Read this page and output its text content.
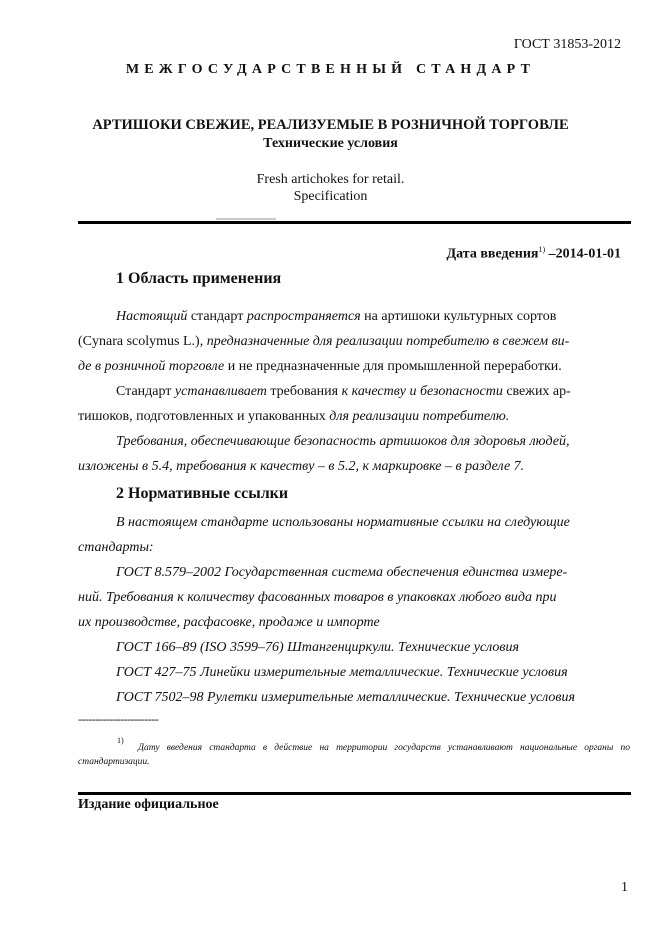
ГОСТ 31853-2012
МЕЖГОСУДАРСТВЕННЫЙ СТАНДАРТ
АРТИШОКИ СВЕЖИЕ, РЕАЛИЗУЕМЫЕ В РОЗНИЧНОЙ ТОРГОВЛЕ
Технические условия
Fresh artichokes for retail.
Specification
Дата введения$^{1)}$ –2014-01-01
1 Область применения

Настоящий стандарт распространяется на артишоки культурных сортов
(Cynara scolymus L.), предназначенные для реализации потребителю в свежем ви-
де в розничной торговле и не предназначенные для промышленной переработки.

Стандарт устанавливает требования к качеству и безопасности свежих ар-
тишоков, подготовленных и упакованных для реализации потребителю.

Требования, обеспечивающие безопасность артишоков для здоровья людей,
изложены в 5.4, требования к качеству – в 5.2, к маркировке – в разделе 7.

2 Нормативные ссылки

В настоящем стандарте использованы нормативные ссылки на следующие
стандарты:

ГОСТ 8.579–2002 Государственная система обеспечения единства измере-
ний. Требования к количеству фасованных товаров в упаковках любого вида при
их производстве, расфасовке, продаже и импорте

ГОСТ 166–89 (ISO 3599–76) Штангенциркули. Технические условия

ГОСТ 427–75 Линейки измерительные металлические. Технические условия

ГОСТ 7502–98 Рулетки измерительные металлические. Технические условия

-----------------------
1)
Дату введения стандарта в действие на территории государств устанавливают национальные органы по стандартизации.
Издание официальное
1
